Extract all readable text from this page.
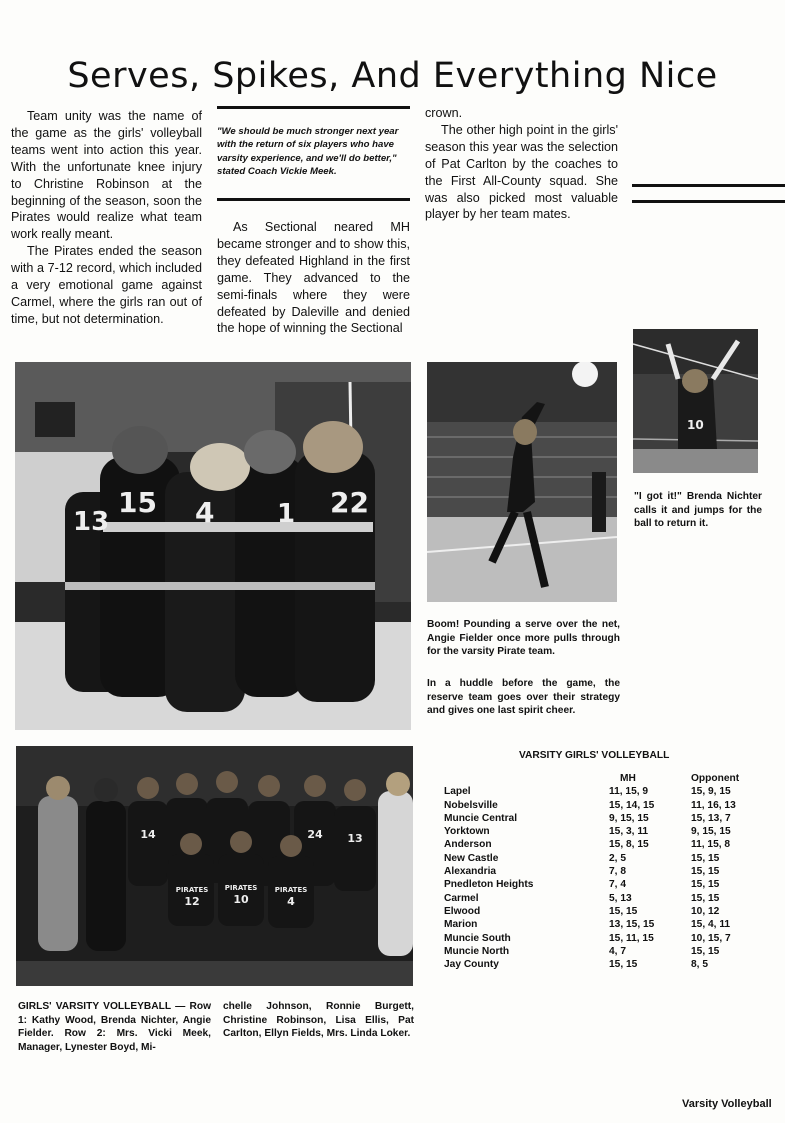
Serves, Spikes, And Everything Nice

Team unity was the name of the game as the girls' volleyball teams went into action this year. With the unfortunate knee injury to Christine Robinson at the beginning of the season, soon the Pirates would realize what team work really meant.

The Pirates ended the season with a 7-12 record, which included a very emotional game against Carmel, where the girls ran out of time, but not determination.

"We should be much stronger next year with the return of six players who have varsity experience, and we'll do better," stated Coach Vickie Meek.
As Sectional neared MH became stronger and to show this, they defeated Highland in the first game. They advanced to the semi-finals where they were defeated by Daleville and denied the hope of winning the Sectional

crown.

The other high point in the girls' season this year was the selection of Pat Carlton by the coaches to the First All-County squad. She was also picked most valuable player by her team mates.

13
15 4 1 22
10
"I got it!" Brenda Nichter calls it and jumps for the ball to return it.
Boom! Pounding a serve over the net, Angie Fielder once more pulls through for the varsity Pirate team.
In a huddle before the game, the reserve team goes over their strategy and gives one last spirit cheer.
PIRATES PIRATES PIRATES
14	24 13
12	10	4
GIRLS' VARSITY VOLLEYBALL — Row 1: Kathy Wood, Brenda Nichter, Angie Fielder. Row 2: Mrs. Vicki Meek, Manager, Lynester Boyd, Mi-
chelle Johnson, Ronnie Burgett, Christine Robinson, Lisa Ellis, Pat Carlton, Ellyn Fields, Mrs. Linda Loker.
VARSITY GIRLS' VOLLEYBALL
MH	Opponent
Lapel	11, 15, 9	15, 9, 15
Nobelsville	15, 14, 15	11, 16, 13
Muncie Central	9, 15, 15	15, 13, 7
Yorktown	15, 3, 11	9, 15, 15
Anderson	15, 8, 15	11, 15, 8
New Castle	2, 5	15, 15
Alexandria	7, 8	15, 15
Pnedleton Heights	7, 4	15, 15
Carmel	5, 13	15, 15
Elwood	15, 15	10, 12
Marion	13, 15, 15	15, 4, 11
Muncie South	15, 11, 15	10, 15, 7
Muncie North	4, 7	15, 15
Jay County	15, 15	8, 5
Varsity Volleyball
